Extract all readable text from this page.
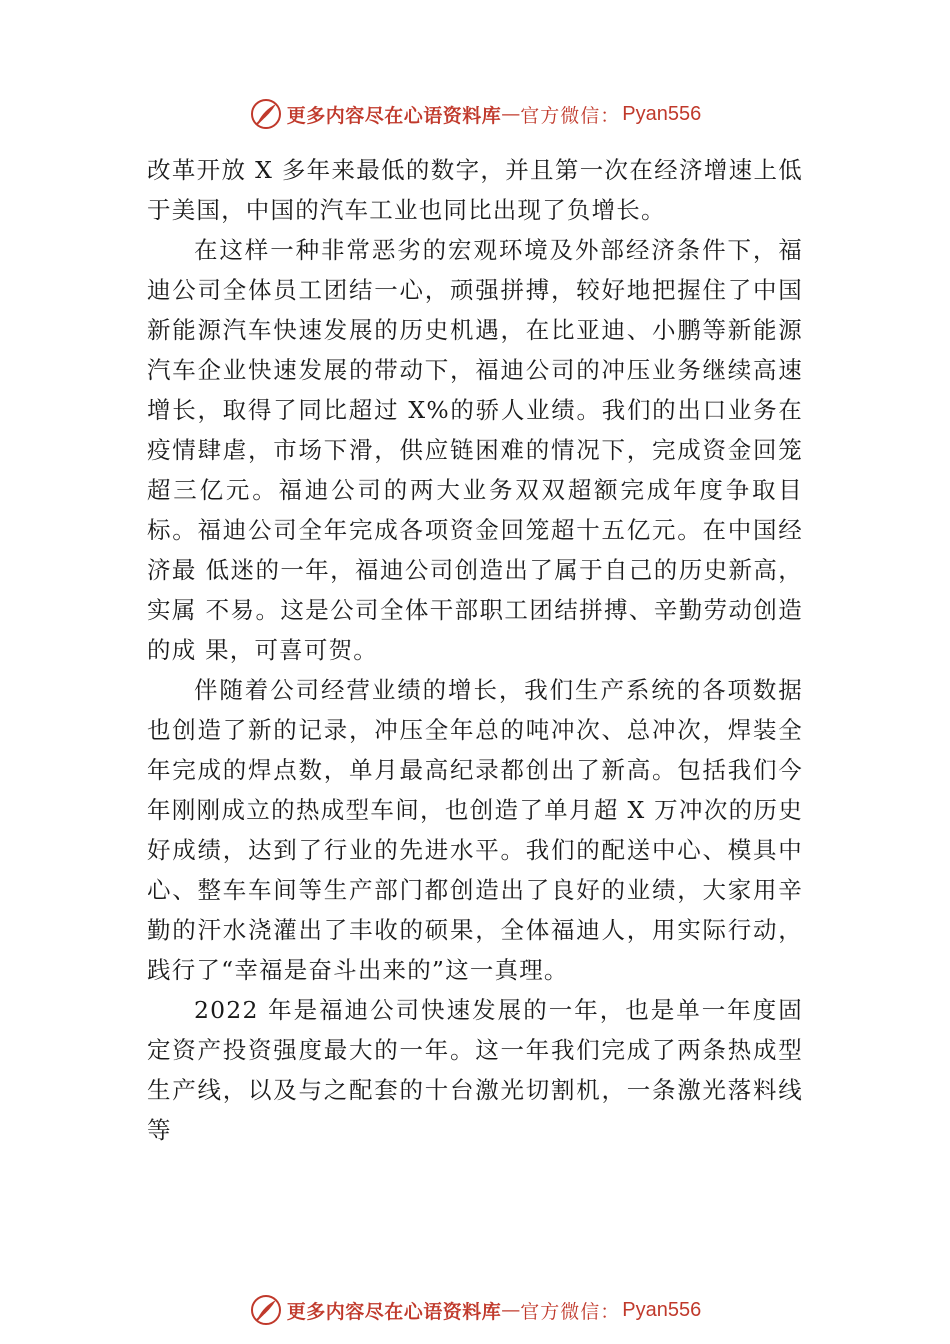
更多内容尽在心语资料库 — 官方微信： Pyan556

改革开放 X 多年来最低的数字，并且第一次在经济增速上低于美国，中国的汽车工业也同比出现了负增长。

在这样一种非常恶劣的宏观环境及外部经济条件下，福迪公司全体员工团结一心，顽强拼搏，较好地把握住了中国新能源汽车快速发展的历史机遇，在比亚迪、小鹏等新能源汽车企业快速发展的带动下，福迪公司的冲压业务继续高速增长，取得了同比超过 X%的骄人业绩。我们的出口业务在疫情肆虐，市场下滑，供应链困难的情况下，完成资金回笼 超三亿元。福迪公司的两大业务双双超额完成年度争取目标。福迪公司全年完成各项资金回笼超十五亿元。在中国经济最 低迷的一年，福迪公司创造出了属于自己的历史新高，实属 不易。这是公司全体干部职工团结拼搏、辛勤劳动创造的成 果，可喜可贺。

伴随着公司经营业绩的增长，我们生产系统的各项数据也创造了新的记录，冲压全年总的吨冲次、总冲次，焊装全年完成的焊点数，单月最高纪录都创出了新高。包括我们今年刚刚成立的热成型车间，也创造了单月超 X 万冲次的历史好成绩，达到了行业的先进水平。我们的配送中心、模具中心、整车车间等生产部门都创造出了良好的业绩，大家用辛勤的汗水浇灌出了丰收的硕果，全体福迪人，用实际行动， 践行了“幸福是奋斗出来的”这一真理。

2022 年是福迪公司快速发展的一年，也是单一年度固定资产投资强度最大的一年。这一年我们完成了两条热成型生产线，以及与之配套的十台激光切割机，一条激光落料线等

更多内容尽在心语资料库 — 官方微信： Pyan556
